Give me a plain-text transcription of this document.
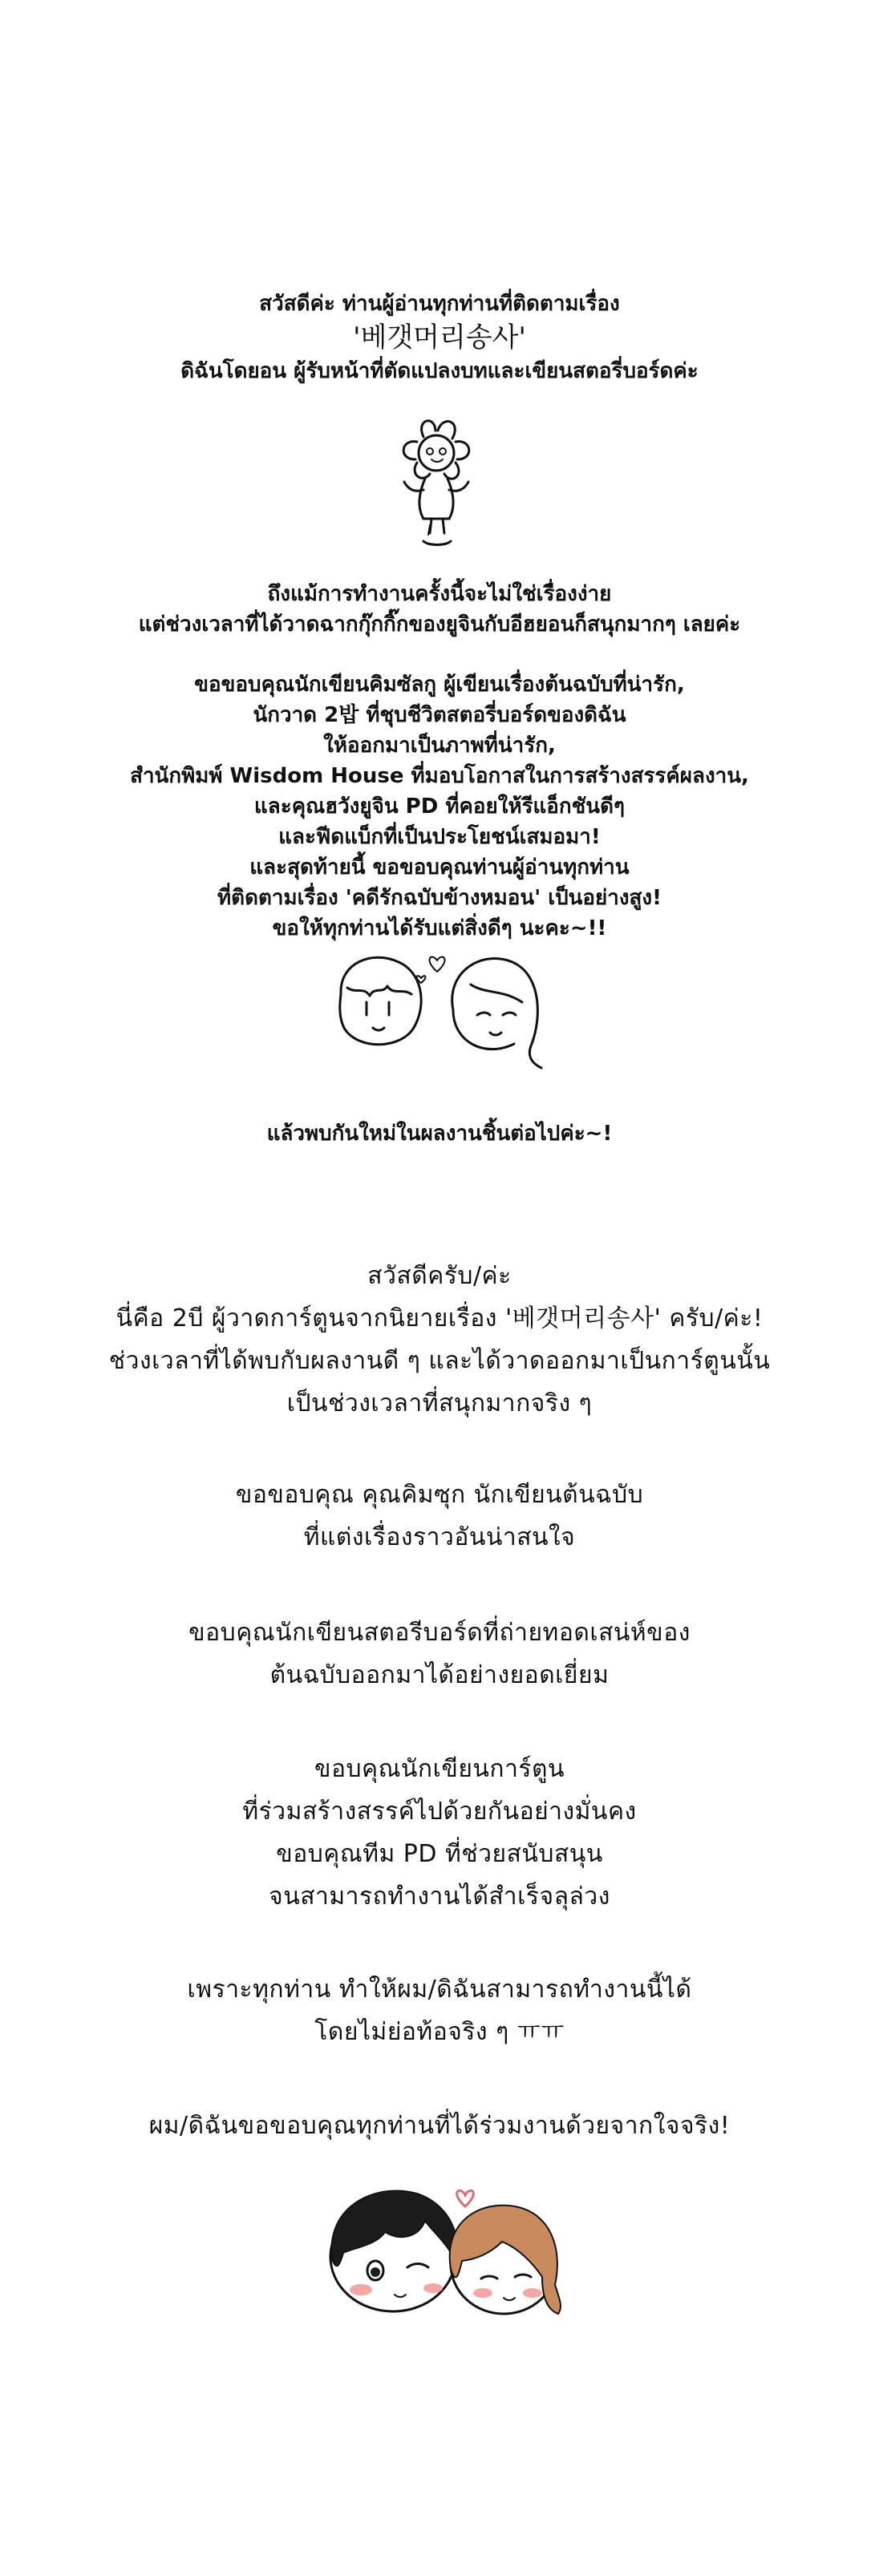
สวัสดีค่ะ ท่านผู้อ่านทุกท่านที่ติดตามเรื่อง

'베갯머리송사'

ดิฉันโดยอน ผู้รับหน้าที่ตัดแปลงบทและเขียนสตอรี่บอร์ดค่ะ

ถึงแม้การทำงานครั้งนี้จะไม่ใช่เรื่องง่าย

แต่ช่วงเวลาที่ได้วาดฉากกุ๊กกิ๊กของยูจินกับอีฮยอนก็สนุกมากๆ เลยค่ะ

ขอขอบคุณนักเขียนคิมซัลกู ผู้เขียนเรื่องต้นฉบับที่น่ารัก,

นักวาด 2밥 ที่ชุบชีวิตสตอรี่บอร์ดของดิฉัน

ให้ออกมาเป็นภาพที่น่ารัก,

สำนักพิมพ์ Wisdom House ที่มอบโอกาสในการสร้างสรรค์ผลงาน,

และคุณฮวังยูจิน PD ที่คอยให้รีแอ็กชันดีๆ

และฟีดแบ็กที่เป็นประโยชน์เสมอมา!

และสุดท้ายนี้ ขอขอบคุณท่านผู้อ่านทุกท่าน

ที่ติดตามเรื่อง 'คดีรักฉบับข้างหมอน' เป็นอย่างสูง!

ขอให้ทุกท่านได้รับแต่สิ่งดีๆ นะคะ~!!

แล้วพบกันใหม่ในผลงานชิ้นต่อไปค่ะ~!

สวัสดีครับ/ค่ะ

นี่คือ 2บี ผู้วาดการ์ตูนจากนิยายเรื่อง '베갯머리송사' ครับ/ค่ะ!

ช่วงเวลาที่ได้พบกับผลงานดี ๆ และได้วาดออกมาเป็นการ์ตูนนั้น

เป็นช่วงเวลาที่สนุกมากจริง ๆ

ขอขอบคุณ คุณคิมซุก นักเขียนต้นฉบับ

ที่แต่งเรื่องราวอันน่าสนใจ

ขอบคุณนักเขียนสตอรีบอร์ดที่ถ่ายทอดเสน่ห์ของ

ต้นฉบับออกมาได้อย่างยอดเยี่ยม

ขอบคุณนักเขียนการ์ตูน

ที่ร่วมสร้างสรรค์ไปด้วยกันอย่างมั่นคง

ขอบคุณทีม PD ที่ช่วยสนับสนุน

จนสามารถทำงานได้สำเร็จลุล่วง

เพราะทุกท่าน ทำให้ผม/ดิฉันสามารถทำงานนี้ได้

โดยไม่ย่อท้อจริง ๆ ㅠㅠ

ผม/ดิฉันขอขอบคุณทุกท่านที่ได้ร่วมงานด้วยจากใจจริง!
